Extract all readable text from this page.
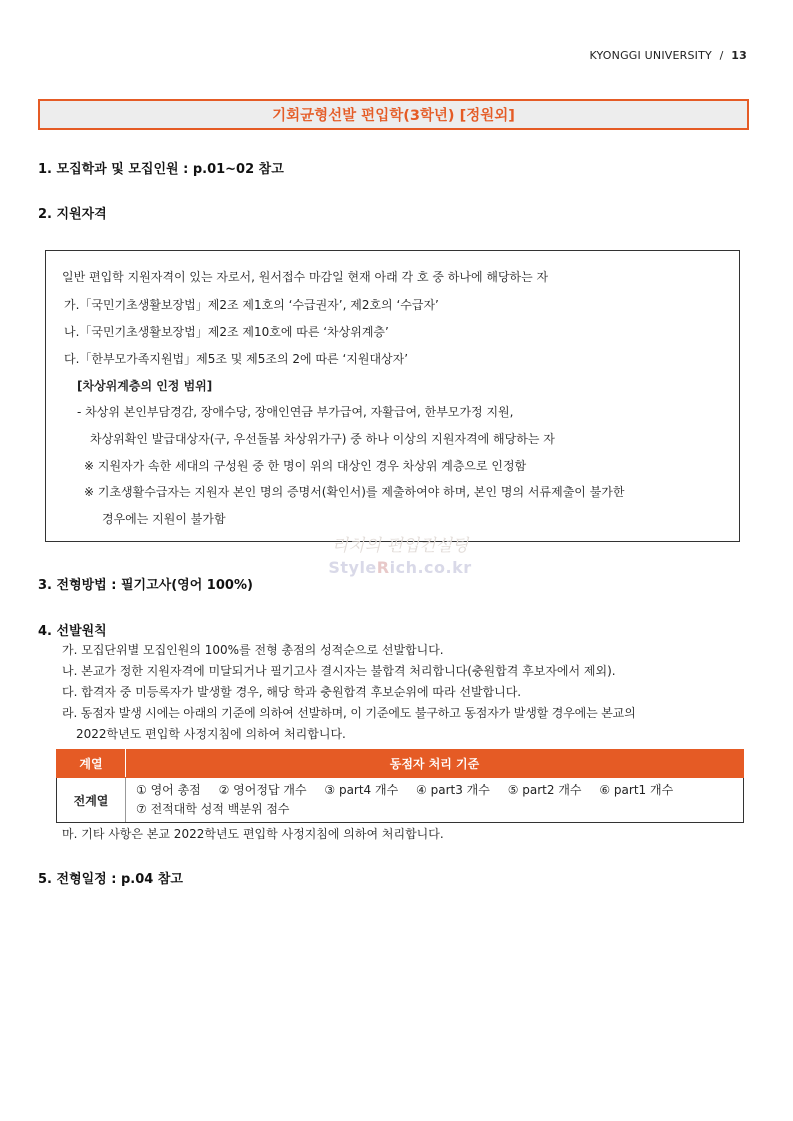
KYONGGI UNIVERSITY / 13
기회균형선발 편입학(3학년) [정원외]
1. 모집학과 및 모집인원 : p.01~02 참고
2. 지원자격
일반 편입학 지원자격이 있는 자로서, 원서접수 마감일 현재 아래 각 호 중 하나에 해당하는 자
가.「국민기초생활보장법」제2조 제1호의 ‘수급권자’, 제2호의 ‘수급자’
나.「국민기초생활보장법」제2조 제10호에 따른 ‘차상위계층’
다.「한부모가족지원법」제5조 및 제5조의 2에 따른 ‘지원대상자’
[차상위계층의 인정 범위]
- 차상위 본인부담경감, 장애수당, 장애인연금 부가급여, 자활급여, 한부모가정 지원,
차상위확인 발급대상자(구, 우선돌봄 차상위가구) 중 하나 이상의 지원자격에 해당하는 자
※ 지원자가 속한 세대의 구성원 중 한 명이 위의 대상인 경우 차상위 계층으로 인정함
※ 기초생활수급자는 지원자 본인 명의 증명서(확인서)를 제출하여야 하며, 본인 명의 서류제출이 불가한
경우에는 지원이 불가함
리치의 편입컨설팅
StyleRich.co.kr
3. 전형방법 : 필기고사(영어 100%)
4. 선발원칙
가. 모집단위별 모집인원의 100%를 전형 총점의 성적순으로 선발합니다.
나. 본교가 정한 지원자격에 미달되거나 필기고사 결시자는 불합격 처리합니다(충원합격 후보자에서 제외).
다. 합격자 중 미등록자가 발생할 경우, 해당 학과 충원합격 후보순위에 따라 선발합니다.
라. 동점자 발생 시에는 아래의 기준에 의하여 선발하며, 이 기준에도 불구하고 동점자가 발생할 경우에는 본교의
2022학년도 편입학 사정지침에 의하여 처리합니다.
계열	동점자 처리 기준
전계열	① 영어 총점 ② 영어정답 개수 ③ part4 개수 ④ part3 개수 ⑤ part2 개수 ⑥ part1 개수
⑦ 전적대학 성적 백분위 점수
마. 기타 사항은 본교 2022학년도 편입학 사정지침에 의하여 처리합니다.
5. 전형일정 : p.04 참고
